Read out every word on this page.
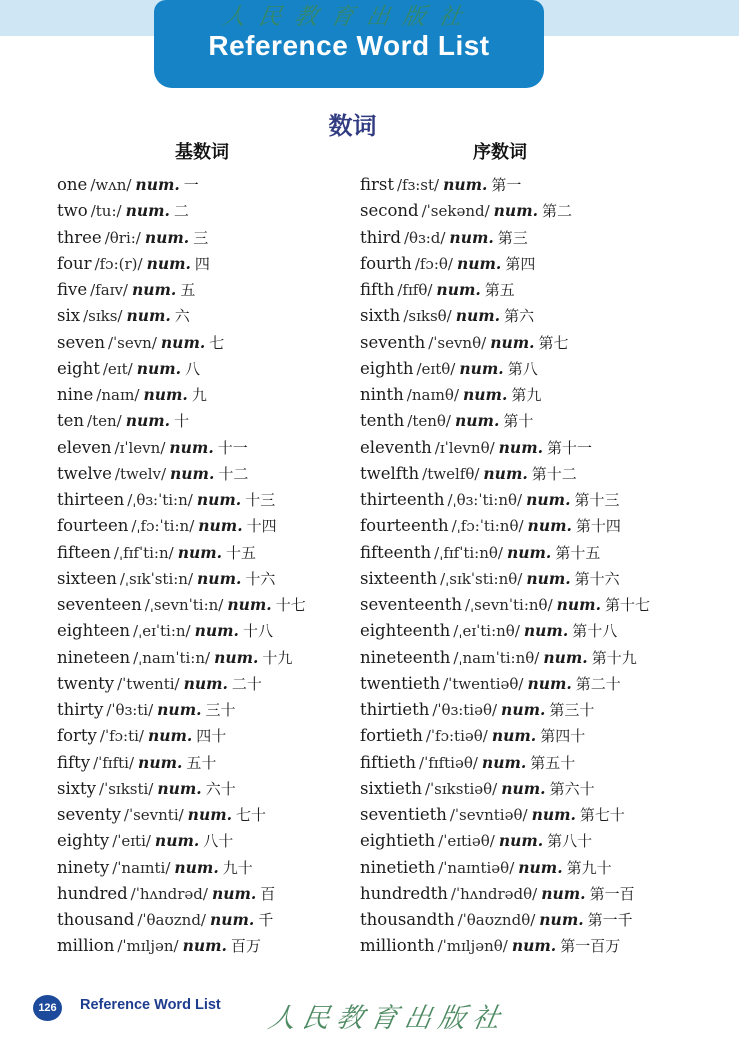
人民教育出版社
Reference Word List
数词
基数词
one /wʌn/ num. 一
two /tu:/ num. 二
three /θri:/ num. 三
four /fɔ:(r)/ num. 四
five /faɪv/ num. 五
six /sɪks/ num. 六
seven /ˈsevn/ num. 七
eight /eɪt/ num. 八
nine /naɪn/ num. 九
ten /ten/ num. 十
eleven /ɪˈlevn/ num. 十一
twelve /twelv/ num. 十二
thirteen /ˌθɜ:ˈti:n/ num. 十三
fourteen /ˌfɔ:ˈti:n/ num. 十四
fifteen /ˌfɪfˈti:n/ num. 十五
sixteen /ˌsɪkˈsti:n/ num. 十六
seventeen /ˌsevnˈti:n/ num. 十七
eighteen /ˌeɪˈti:n/ num. 十八
nineteen /ˌnaɪnˈti:n/ num. 十九
twenty /ˈtwenti/ num. 二十
thirty /ˈθɜ:ti/ num. 三十
forty /ˈfɔ:ti/ num. 四十
fifty /ˈfɪfti/ num. 五十
sixty /ˈsɪksti/ num. 六十
seventy /ˈsevnti/ num. 七十
eighty /ˈeɪti/ num. 八十
ninety /ˈnaɪnti/ num. 九十
hundred /ˈhʌndrəd/ num. 百
thousand /ˈθaʊznd/ num. 千
million /ˈmɪljən/ num. 百万
序数词
first /fɜ:st/ num. 第一
second /ˈsekənd/ num. 第二
third /θɜ:d/ num. 第三
fourth /fɔ:θ/ num. 第四
fifth /fɪfθ/ num. 第五
sixth /sɪksθ/ num. 第六
seventh /ˈsevnθ/ num. 第七
eighth /eɪtθ/ num. 第八
ninth /naɪnθ/ num. 第九
tenth /tenθ/ num. 第十
eleventh /ɪˈlevnθ/ num. 第十一
twelfth /twelfθ/ num. 第十二
thirteenth /ˌθɜ:ˈti:nθ/ num. 第十三
fourteenth /ˌfɔ:ˈti:nθ/ num. 第十四
fifteenth /ˌfɪfˈti:nθ/ num. 第十五
sixteenth /ˌsɪkˈsti:nθ/ num. 第十六
seventeenth /ˌsevnˈti:nθ/ num. 第十七
eighteenth /ˌeɪˈti:nθ/ num. 第十八
nineteenth /ˌnaɪnˈti:nθ/ num. 第十九
twentieth /ˈtwentiəθ/ num. 第二十
thirtieth /ˈθɜ:tiəθ/ num. 第三十
fortieth /ˈfɔ:tiəθ/ num. 第四十
fiftieth /ˈfɪftiəθ/ num. 第五十
sixtieth /ˈsɪkstiəθ/ num. 第六十
seventieth /ˈsevntiəθ/ num. 第七十
eightieth /ˈeɪtiəθ/ num. 第八十
ninetieth /ˈnaɪntiəθ/ num. 第九十
hundredth /ˈhʌndrədθ/ num. 第一百
thousandth /ˈθaʊzndθ/ num. 第一千
millionth /ˈmɪljənθ/ num. 第一百万
126	Reference Word List 人民教育出版社
